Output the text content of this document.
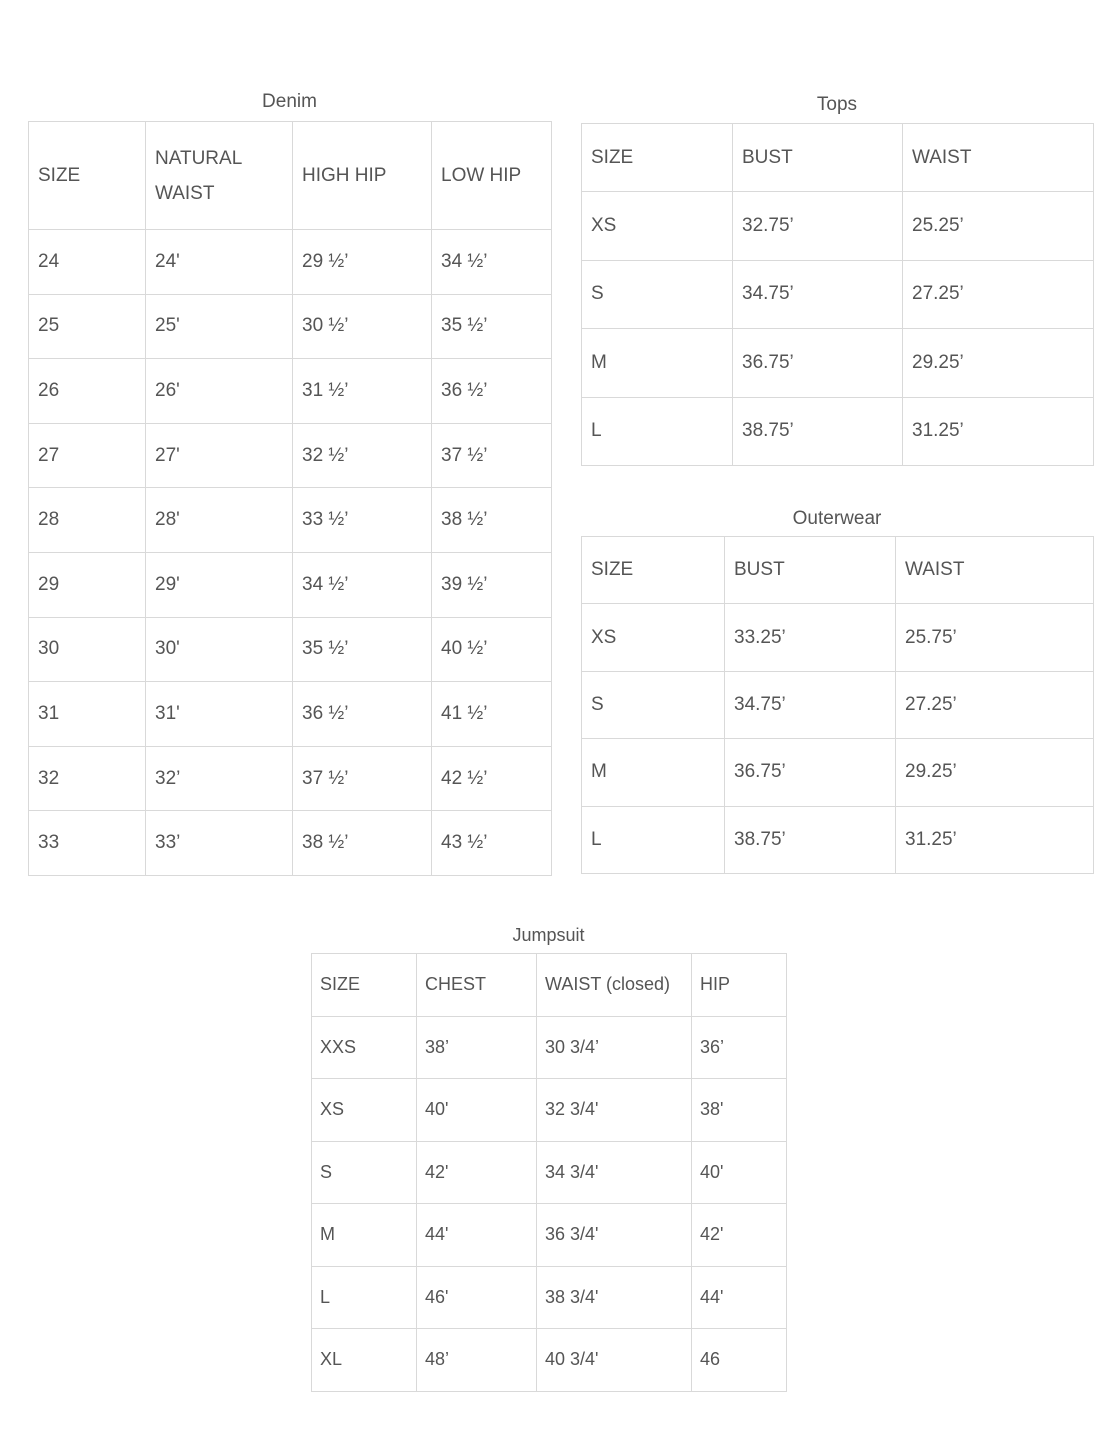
Denim
SIZE	NATURAL WAIST	HIGH HIP	LOW HIP
24	24'	29 ½’	34 ½’
25	25'	30 ½’	35 ½’
26	26'	31 ½’	36 ½’
27	27'	32 ½’	37 ½’
28	28'	33 ½’	38 ½’
29	29'	34 ½’	39 ½’
30	30'	35 ½’	40 ½’
31	31'	36 ½’	41 ½’
32	32’	37 ½’	42 ½’
33	33’	38 ½’	43 ½’
Tops
SIZE	BUST	WAIST
XS	32.75’	25.25’
S	34.75’	27.25’
M	36.75’	29.25’
L	38.75’	31.25’
Outerwear
SIZE	BUST	WAIST
XS	33.25’	25.75’
S	34.75’	27.25’
M	36.75’	29.25’
L	38.75’	31.25’
Jumpsuit
SIZE	CHEST	WAIST (closed)	HIP
XXS	38’	30 3/4’	36’
XS	40'	32 3/4'	38'
S	42'	34 3/4'	40'
M	44'	36 3/4'	42'
L	46'	38 3/4'	44'
XL	48’	40 3/4'	46
